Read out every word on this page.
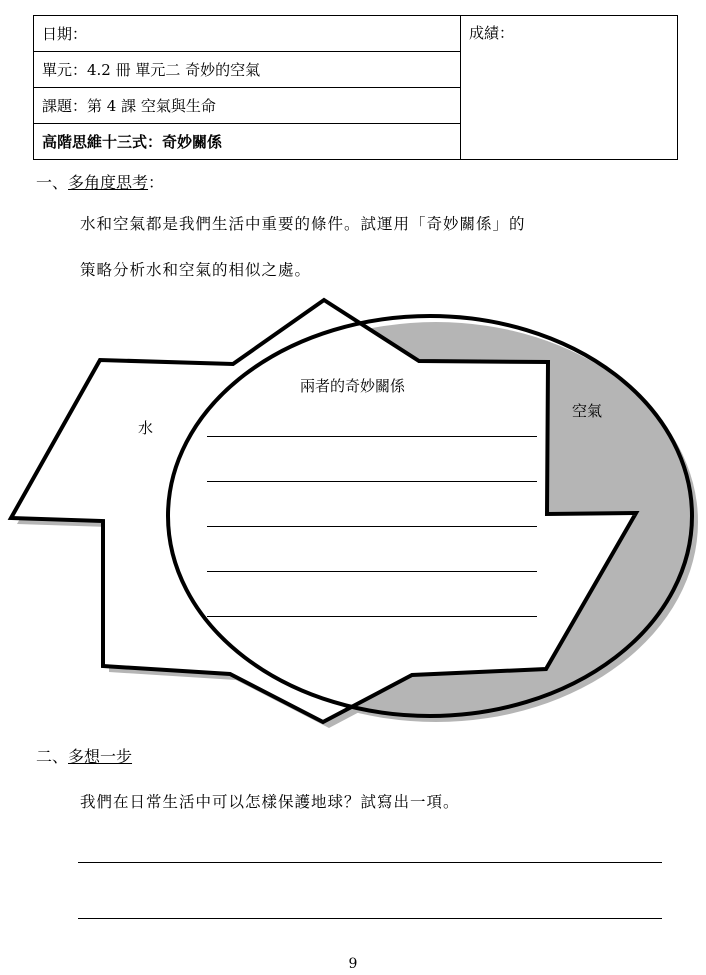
日期：	成績：
單元：4.2 冊 單元二 奇妙的空氣
課題：第 4 課 空氣與生命
高階思維十三式：奇妙關係
一、多角度思考：
水和空氣都是我們生活中重要的條件。試運用「奇妙關係」的
策略分析水和空氣的相似之處。
兩者的奇妙關係
水
空氣
二、多想一步
我們在日常生活中可以怎樣保護地球？試寫出一項。
9
